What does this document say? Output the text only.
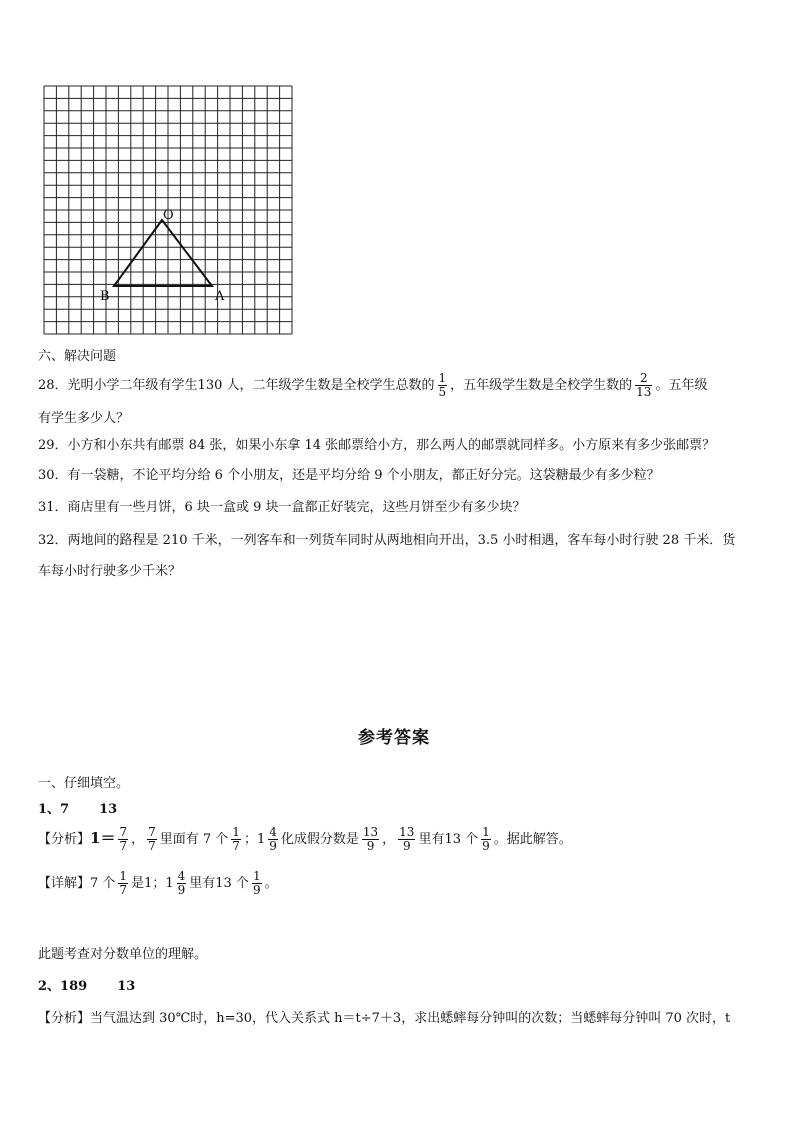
O
A
B
六、解决问题
28．光明小学二年级有学生130 人，二年级学生数是全校学生总数的 $\frac{1}{5}$ ，五年级学生数是全校学生数的 $\frac{2}{13}$ 。五年级
有学生多少人？
29．小方和小东共有邮票 84 张，如果小东拿 14 张邮票给小方，那么两人的邮票就同样多。小方原来有多少张邮票？
30．有一袋糖，不论平均分给 6 个小朋友，还是平均分给 9 个小朋友，都正好分完。这袋糖最少有多少粒？
31．商店里有一些月饼，6 块一盒或 9 块一盒都正好装完，这些月饼至少有多少块？
32．两地间的路程是 210 千米，一列客车和一列货车同时从两地相向开出，3.5 小时相遇，客车每小时行驶 28 千米．货
车每小时行驶多少千米？
参考答案
一、仔细填空。
1、7 13
【分析】$1= \frac{7}{7}$ ， $\frac{7}{7}$ 里面有 7 个 $\frac{1}{7}$ ；$1 \frac{4}{9}$ 化成假分数是 $\frac{13}{9}$ ， $\frac{13}{9}$ 里有13 个 $\frac{1}{9}$ 。据此解答。
【详解】7 个 $\frac{1}{7}$ 是1；$1 \frac{4}{9}$ 里有13 个 $\frac{1}{9}$ 。
此题考查对分数单位的理解。
2、189 13
【分析】当气温达到 30℃时，h=30，代入关系式 h＝t÷7＋3，求出蟋蟀每分钟叫的次数；当蟋蟀每分钟叫 70 次时，t
